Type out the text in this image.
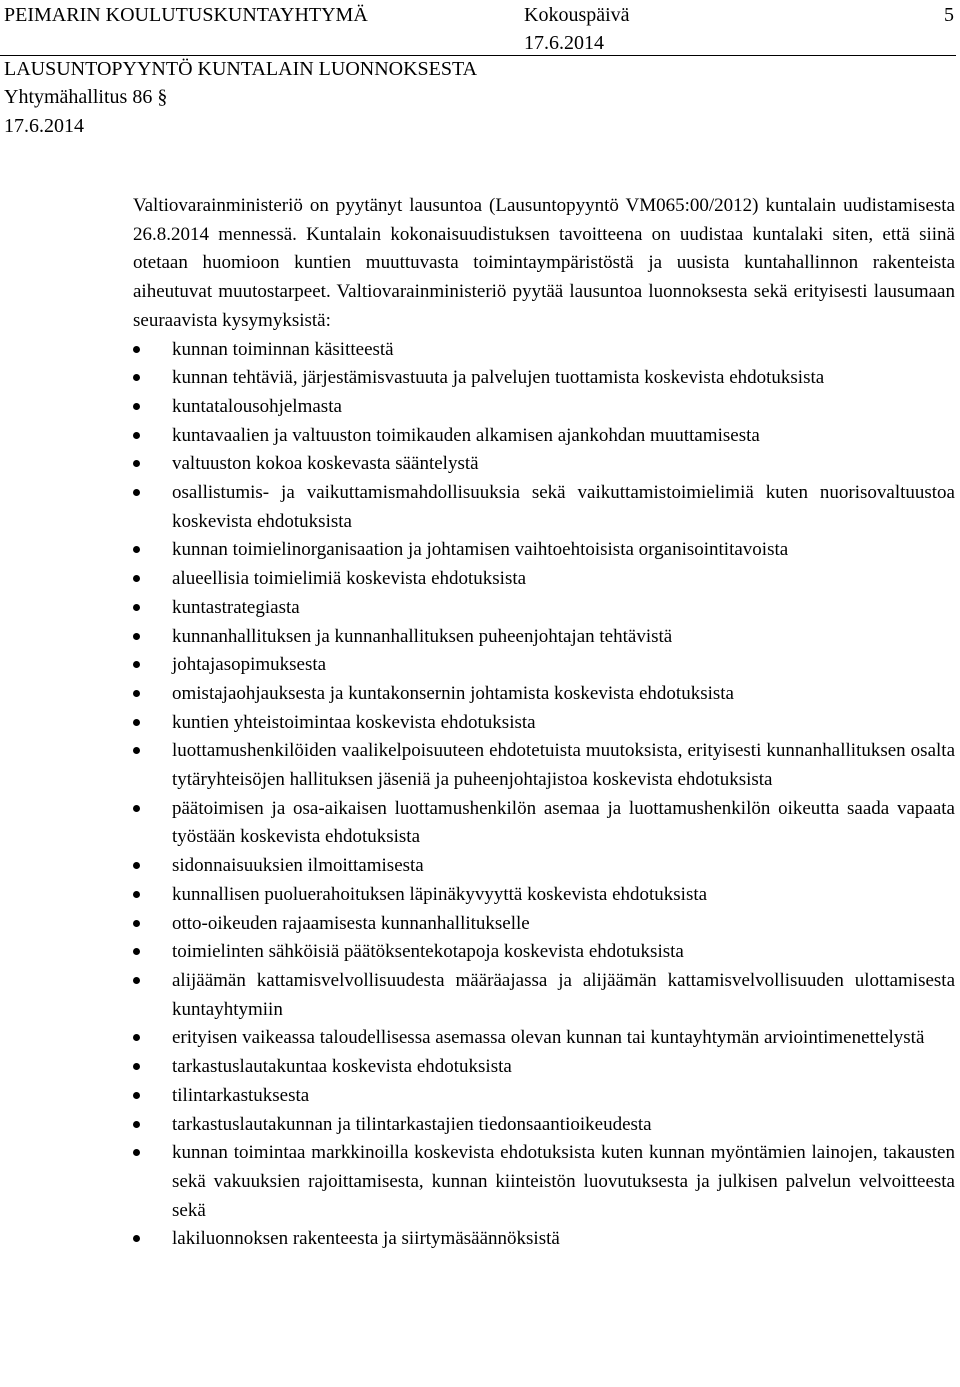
PEIMARIN KOULUTUSKUNTAYHTYMÄ	Kokouspäivä	5
17.6.2014
LAUSUNTOPYYNTÖ KUNTALAIN LUONNOKSESTA
Yhtymähallitus 86 §
17.6.2014

Valtiovarainministeriö on pyytänyt lausuntoa (Lausuntopyyntö VM065:00/2012) kuntalain uudistamisesta 26.8.2014 mennessä. Kuntalain kokonaisuudistuksen tavoitteena on uudistaa kuntalaki siten, että siinä otetaan huomioon kuntien muuttuvasta toimintaympäristöstä ja uusista kuntahallinnon rakenteista aiheutuvat muutostarpeet. Valtiovarainministeriö pyytää lausuntoa luonnoksesta sekä erityisesti lausumaan seuraavista kysymyksistä:

kunnan toiminnan käsitteestä
kunnan tehtäviä, järjestämisvastuuta ja palvelujen tuottamista koskevista ehdotuksista
kuntatalousohjelmasta
kuntavaalien ja valtuuston toimikauden alkamisen ajankohdan muuttamisesta
valtuuston kokoa koskevasta sääntelystä
osallistumis- ja vaikuttamismahdollisuuksia sekä vaikuttamistoimielimiä kuten nuorisovaltuustoa koskevista ehdotuksista
kunnan toimielinorganisaation ja johtamisen vaihtoehtoisista organisointitavoista
alueellisia toimielimiä koskevista ehdotuksista
kuntastrategiasta
kunnanhallituksen ja kunnanhallituksen puheenjohtajan tehtävistä
johtajasopimuksesta
omistajaohjauksesta ja kuntakonsernin johtamista koskevista ehdotuksista
kuntien yhteistoimintaa koskevista ehdotuksista
luottamushenkilöiden vaalikelpoisuuteen ehdotetuista muutoksista, erityisesti kunnanhallituksen osalta tytäryhteisöjen hallituksen jäseniä ja puheenjohtajistoa koskevista ehdotuksista
päätoimisen ja osa-aikaisen luottamushenkilön asemaa ja luottamushenkilön oikeutta saada vapaata työstään koskevista ehdotuksista
sidonnaisuuksien ilmoittamisesta
kunnallisen puoluerahoituksen läpinäkyvyyttä koskevista ehdotuksista
otto-oikeuden rajaamisesta kunnanhallitukselle
toimielinten sähköisiä päätöksentekotapoja koskevista ehdotuksista
alijäämän kattamisvelvollisuudesta määräajassa ja alijäämän kattamisvelvollisuuden ulottamisesta kuntayhtymiin
erityisen vaikeassa taloudellisessa asemassa olevan kunnan tai kuntayhtymän arviointimenettelystä
tarkastuslautakuntaa koskevista ehdotuksista
tilintarkastuksesta
tarkastuslautakunnan ja tilintarkastajien tiedonsaantioikeudesta
kunnan toimintaa markkinoilla koskevista ehdotuksista kuten kunnan myöntämien lainojen, takausten sekä vakuuksien rajoittamisesta, kunnan kiinteistön luovutuksesta ja julkisen palvelun velvoitteesta sekä
lakiluonnoksen rakenteesta ja siirtymäsäännöksistä
